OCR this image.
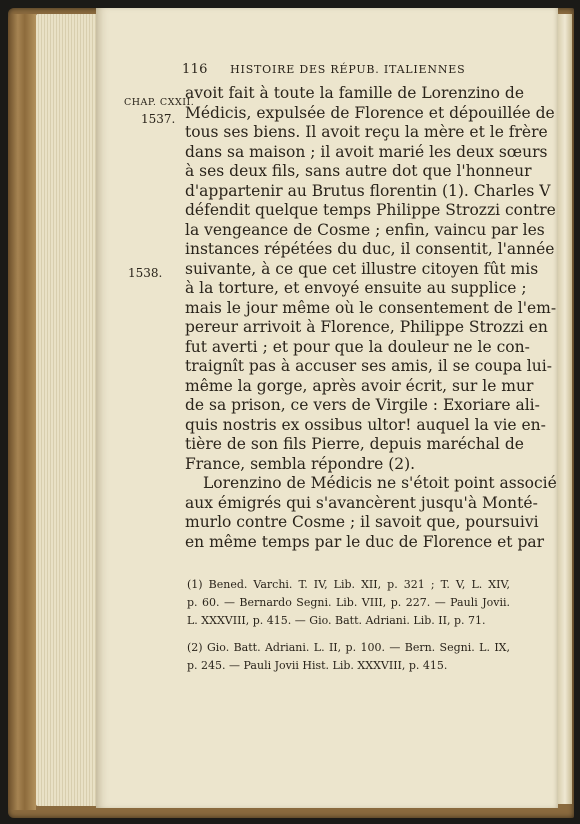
116 HISTOIRE DES RÉPUB. ITALIENNES
CHAP. CXXII.
1537.
1538.
avoit fait à toute la famille de Lorenzino de
Médicis, expulsée de Florence et dépouillée de
tous ses biens. Il avoit reçu la mère et le frère
dans sa maison ; il avoit marié les deux sœurs
à ses deux fils, sans autre dot que l'honneur
d'appartenir au Brutus florentin (1). Charles V
défendit quelque temps Philippe Strozzi contre
la vengeance de Cosme ; enfin, vaincu par les
instances répétées du duc, il consentit, l'année
suivante, à ce que cet illustre citoyen fût mis
à la torture, et envoyé ensuite au supplice ;
mais le jour même où le consentement de l'em-
pereur arrivoit à Florence, Philippe Strozzi en
fut averti ; et pour que la douleur ne le con-
traignît pas à accuser ses amis, il se coupa lui-
même la gorge, après avoir écrit, sur le mur
de sa prison, ce vers de Virgile : Exoriare ali-
quis nostris ex ossibus ultor! auquel la vie en-
tière de son fils Pierre, depuis maréchal de
France, sembla répondre (2).
Lorenzino de Médicis ne s'étoit point associé
aux émigrés qui s'avancèrent jusqu'à Monté-
murlo contre Cosme ; il savoit que, poursuivi
en même temps par le duc de Florence et par
(1) Bened. Varchi. T. IV, Lib. XII, p. 321 ; T. V, L. XIV,
p. 60. — Bernardo Segni. Lib. VIII, p. 227. — Pauli Jovii.
L. XXXVIII, p. 415. — Gio. Batt. Adriani. Lib. II, p. 71.
(2) Gio. Batt. Adriani. L. II, p. 100. — Bern. Segni. L. IX,
p. 245. — Pauli Jovii Hist. Lib. XXXVIII, p. 415.
